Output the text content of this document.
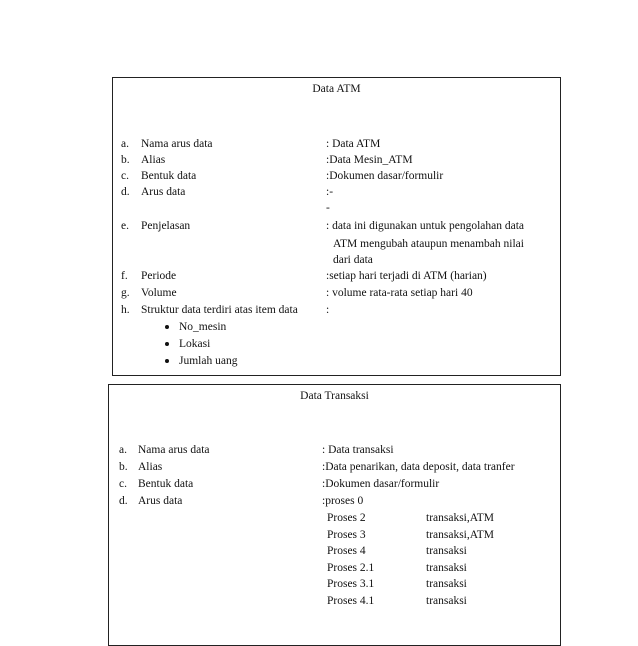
Data ATM
a. Nama arus data	: Data ATM
b. Alias	:Data Mesin_ATM
c. Bentuk data	:Dokumen dasar/formulir
d. Arus data	:-
-
e. Penjelasan	: data ini digunakan untuk pengolahan data
ATM mengubah ataupun menambah nilai
dari data
f. Periode	:setiap hari terjadi di ATM (harian)
g. Volume	: volume rata-rata setiap hari 40
h. Struktur data terdiri atas item data :
No_mesin
Lokasi
Jumlah uang
Data Transaksi
a. Nama arus data	: Data transaksi
b. Alias	:Data penarikan, data deposit, data tranfer
c. Bentuk data	:Dokumen dasar/formulir
d. Arus data	:proses 0
Proses 2	transaksi,ATM
Proses 3	transaksi,ATM
Proses 4	transaksi
Proses 2.1	transaksi
Proses 3.1	transaksi
Proses 4.1	transaksi
